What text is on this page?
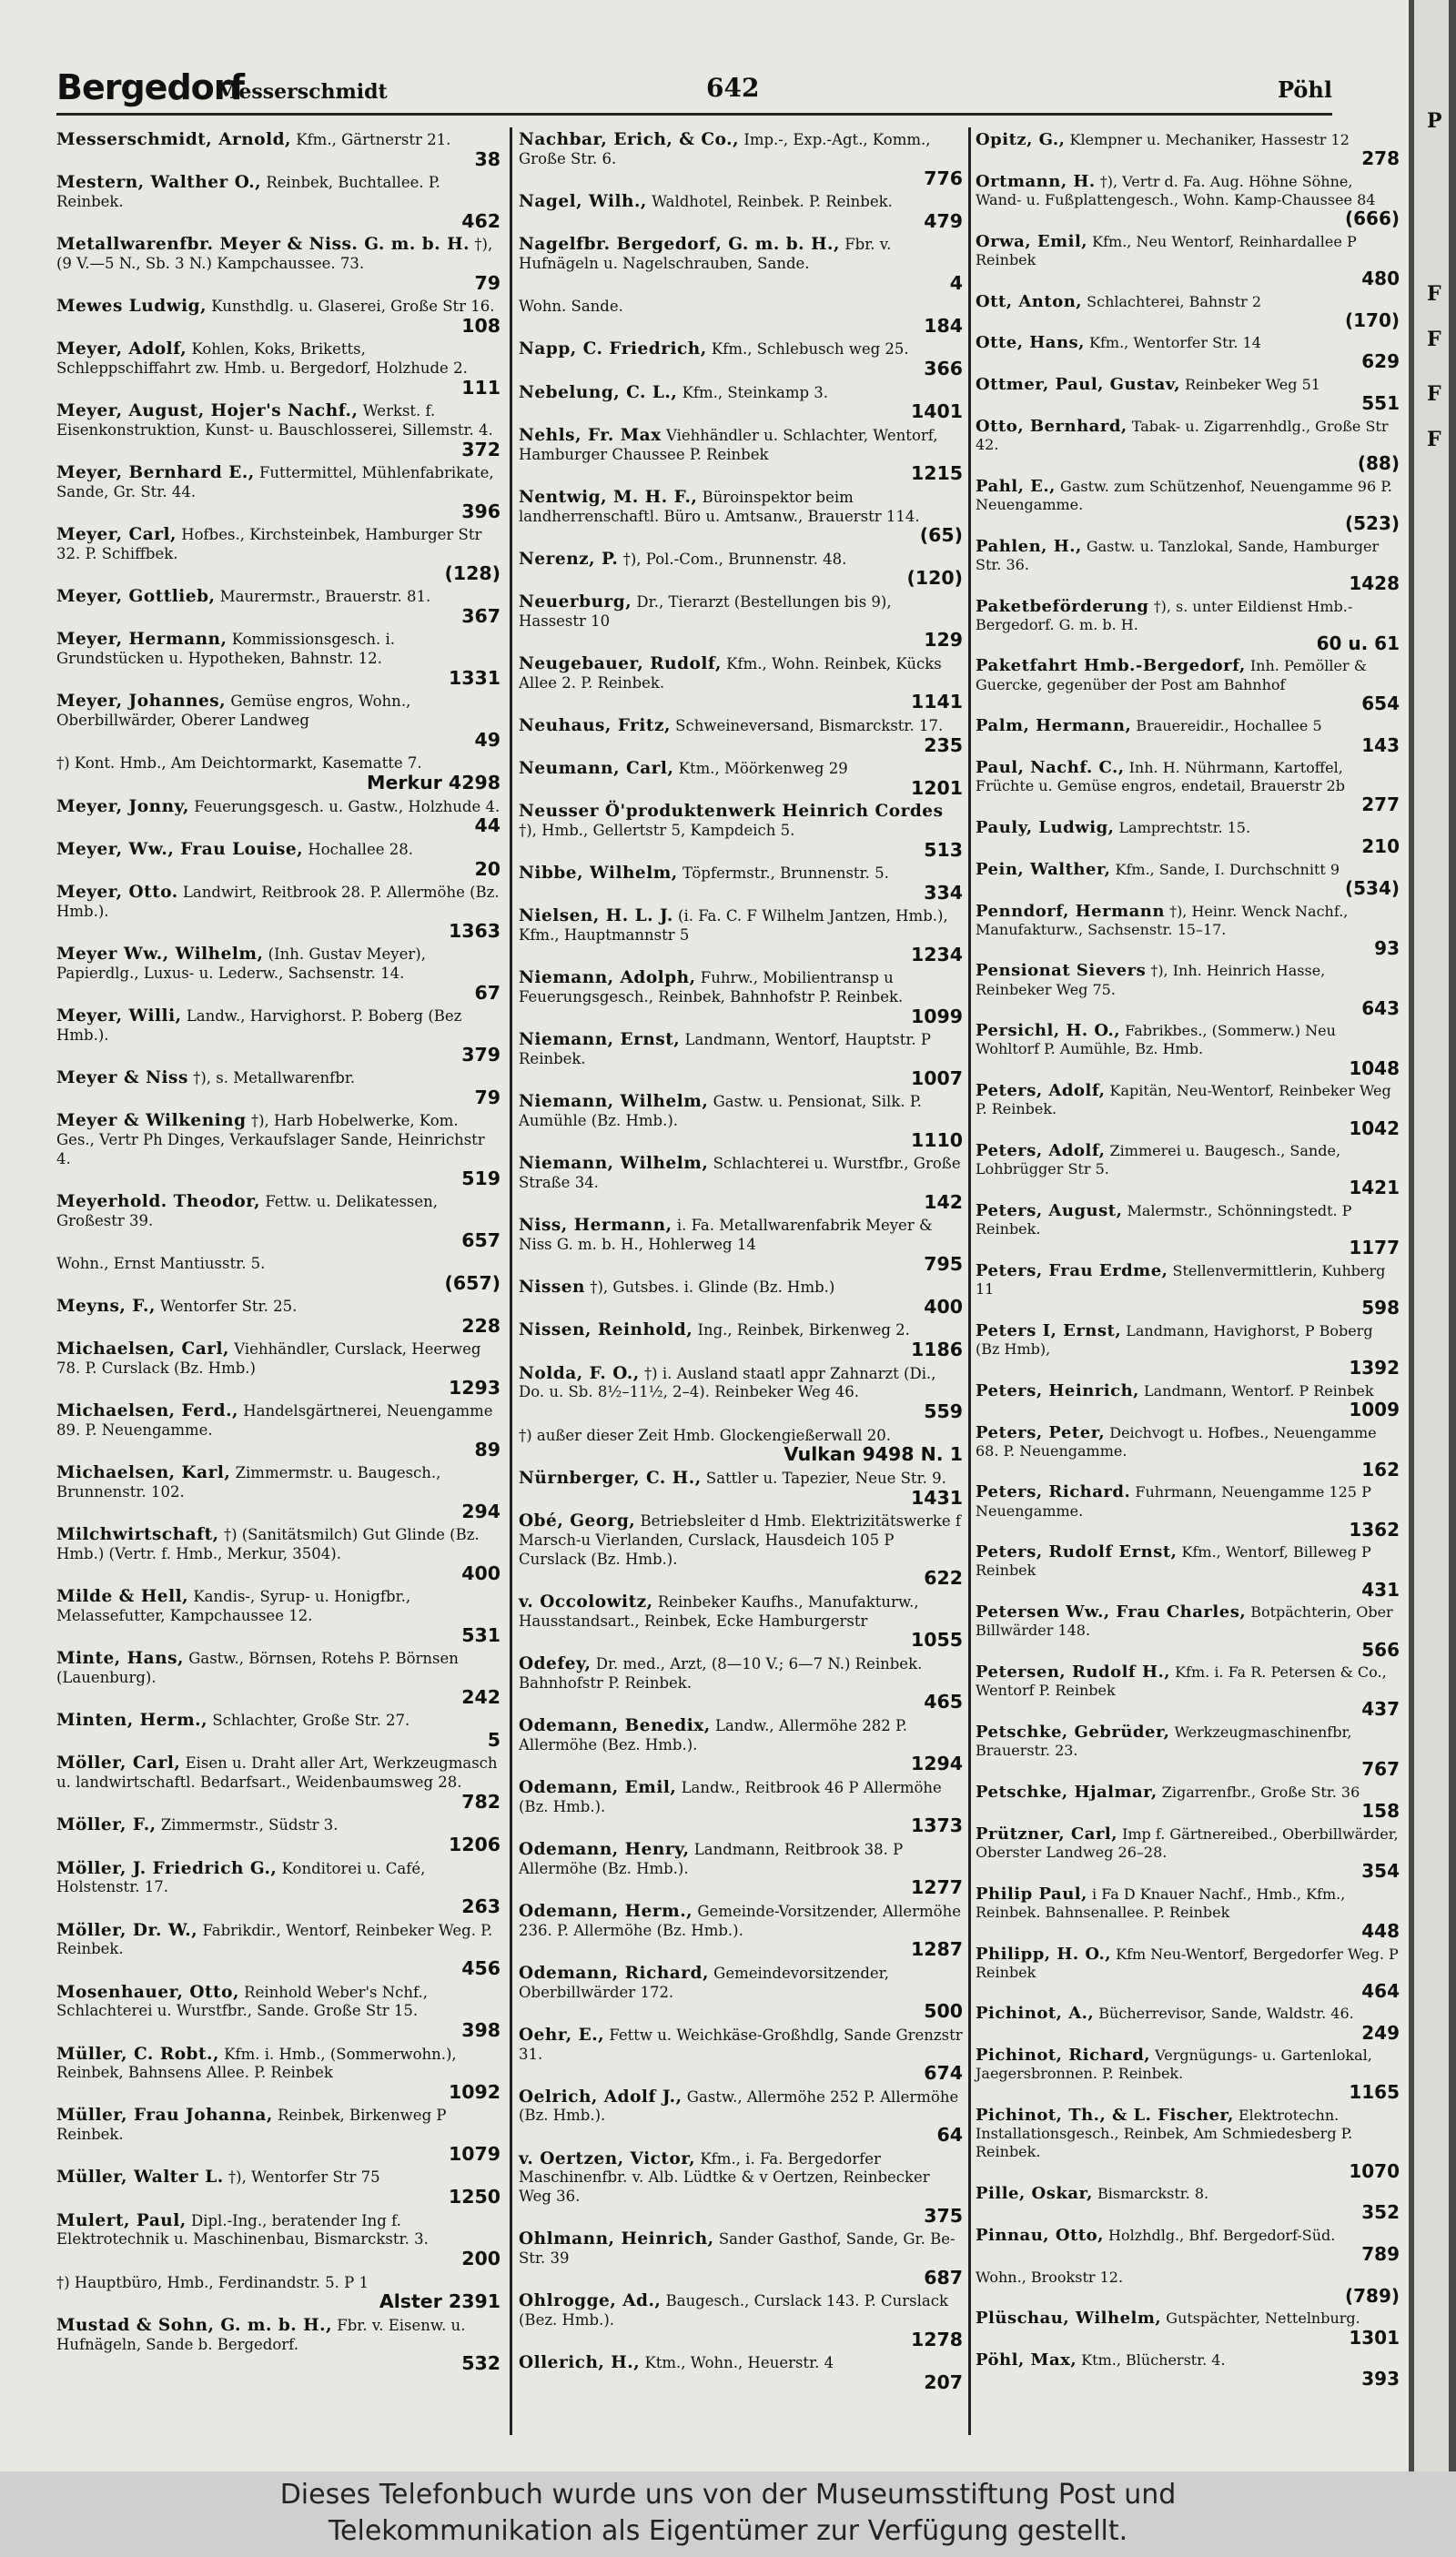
Bergedorf
Messerschmidt	642	Pöhl
Messerschmidt, Arnold, Kfm., Gärtnerstr 21.
38
Mestern, Walther O., Reinbek, Buchtallee. P. Reinbek.
462
Metallwarenfbr. Meyer & Niss. G. m. b. H. †), (9 V.—5 N., Sb. 3 N.) Kampchaussee. 73.
79
Mewes Ludwig, Kunsthdlg. u. Glaserei, Große Str 16.
108
Meyer, Adolf, Kohlen, Koks, Briketts, Schleppschiffahrt zw. Hmb. u. Bergedorf, Holzhude 2.
111
Meyer, August, Hojer's Nachf., Werkst. f. Eisenkonstruktion, Kunst- u. Bauschlosserei, Sillemstr. 4.
372
Meyer, Bernhard E., Futtermittel, Mühlenfabrikate, Sande, Gr. Str. 44.
396
Meyer, Carl, Hofbes., Kirchsteinbek, Hamburger Str 32. P. Schiffbek.
(128)
Meyer, Gottlieb, Maurermstr., Brauerstr. 81.
367
Meyer, Hermann, Kommissionsgesch. i. Grundstücken u. Hypotheken, Bahnstr. 12.
1331
Meyer, Johannes, Gemüse engros, Wohn., Oberbillwärder, Oberer Landweg
49
†) Kont. Hmb., Am Deichtormarkt, Kasematte 7.
Merkur 4298
Meyer, Jonny, Feuerungsgesch. u. Gastw., Holzhude 4.
44
Meyer, Ww., Frau Louise, Hochallee 28.
20
Meyer, Otto. Landwirt, Reitbrook 28. P. Allermöhe (Bz. Hmb.).
1363
Meyer Ww., Wilhelm, (Inh. Gustav Meyer), Papierdlg., Luxus- u. Lederw., Sachsenstr. 14.
67
Meyer, Willi, Landw., Harvighorst. P. Boberg (Bez Hmb.).
379
Meyer & Niss †), s. Metallwarenfbr.
79
Meyer & Wilkening †), Harb Hobelwerke, Kom. Ges., Vertr Ph Dinges, Verkaufslager Sande, Heinrichstr 4.
519
Meyerhold. Theodor, Fettw. u. Delikatessen, Großestr 39.
657
Wohn., Ernst Mantiusstr. 5.
(657)
Meyns, F., Wentorfer Str. 25.
228
Michaelsen, Carl, Viehhändler, Curslack, Heerweg 78. P. Curslack (Bz. Hmb.)
1293
Michaelsen, Ferd., Handelsgärtnerei, Neuengamme 89. P. Neuengamme.
89
Michaelsen, Karl, Zimmermstr. u. Baugesch., Brunnenstr. 102.
294
Milchwirtschaft, †) (Sanitätsmilch) Gut Glinde (Bz. Hmb.) (Vertr. f. Hmb., Merkur, 3504).
400
Milde & Hell, Kandis-, Syrup- u. Honigfbr., Melassefutter, Kampchaussee 12.
531
Minte, Hans, Gastw., Börnsen, Rotehs P. Börnsen (Lauenburg).
242
Minten, Herm., Schlachter, Große Str. 27.
5
Möller, Carl, Eisen u. Draht aller Art, Werkzeugmasch u. landwirtschaftl. Bedarfsart., Weidenbaumsweg 28.
782
Möller, F., Zimmermstr., Südstr 3.
1206
Möller, J. Friedrich G., Konditorei u. Café, Holstenstr. 17.
263
Möller, Dr. W., Fabrikdir., Wentorf, Reinbeker Weg. P. Reinbek.
456
Mosenhauer, Otto, Reinhold Weber's Nchf., Schlachterei u. Wurstfbr., Sande. Große Str 15.
398
Müller, C. Robt., Kfm. i. Hmb., (Sommerwohn.), Reinbek, Bahnsens Allee. P. Reinbek
1092
Müller, Frau Johanna, Reinbek, Birkenweg P Reinbek.
1079
Müller, Walter L. †), Wentorfer Str 75
1250
Mulert, Paul, Dipl.-Ing., beratender Ing f. Elektrotechnik u. Maschinenbau, Bismarckstr. 3.
200
†) Hauptbüro, Hmb., Ferdinandstr. 5. P 1
Alster 2391
Mustad & Sohn, G. m. b. H., Fbr. v. Eisenw. u. Hufnägeln, Sande b. Bergedorf.
532
Nachbar, Erich, & Co., Imp.-, Exp.-Agt., Komm., Große Str. 6.
776
Nagel, Wilh., Waldhotel, Reinbek. P. Reinbek.
479
Nagelfbr. Bergedorf, G. m. b. H., Fbr. v. Hufnägeln u. Nagelschrauben, Sande.
4
Wohn. Sande.
184
Napp, C. Friedrich, Kfm., Schlebusch weg 25.
366
Nebelung, C. L., Kfm., Steinkamp 3.
1401
Nehls, Fr. Max Viehhändler u. Schlachter, Wentorf, Hamburger Chaussee P. Reinbek
1215
Nentwig, M. H. F., Büroinspektor beim landherrenschaftl. Büro u. Amtsanw., Brauerstr 114.
(65)
Nerenz, P. †), Pol.-Com., Brunnenstr. 48.
(120)
Neuerburg, Dr., Tierarzt (Bestellungen bis 9), Hassestr 10
129
Neugebauer, Rudolf, Kfm., Wohn. Reinbek, Kücks Allee 2. P. Reinbek.
1141
Neuhaus, Fritz, Schweineversand, Bismarckstr. 17.
235
Neumann, Carl, Ktm., Möörkenweg 29
1201
Neusser Ö'produktenwerk Heinrich Cordes †), Hmb., Gellertstr 5, Kampdeich 5.
513
Nibbe, Wilhelm, Töpfermstr., Brunnenstr. 5.
334
Nielsen, H. L. J. (i. Fa. C. F Wilhelm Jantzen, Hmb.), Kfm., Hauptmannstr 5
1234
Niemann, Adolph, Fuhrw., Mobilientransp u Feuerungsgesch., Reinbek, Bahnhofstr P. Reinbek.
1099
Niemann, Ernst, Landmann, Wentorf, Hauptstr. P Reinbek.
1007
Niemann, Wilhelm, Gastw. u. Pensionat, Silk. P. Aumühle (Bz. Hmb.).
1110
Niemann, Wilhelm, Schlachterei u. Wurstfbr., Große Straße 34.
142
Niss, Hermann, i. Fa. Metallwarenfabrik Meyer & Niss G. m. b. H., Hohlerweg 14
795
Nissen †), Gutsbes. i. Glinde (Bz. Hmb.)
400
Nissen, Reinhold, Ing., Reinbek, Birkenweg 2.
1186
Nolda, F. O., †) i. Ausland staatl appr Zahnarzt (Di., Do. u. Sb. 8½–11½, 2–4). Reinbeker Weg 46.
559
†) außer dieser Zeit Hmb. Glockengießerwall 20.
Vulkan 9498 N. 1
Nürnberger, C. H., Sattler u. Tapezier, Neue Str. 9.
1431
Obé, Georg, Betriebsleiter d Hmb. Elektrizitätswerke f Marsch-u Vierlanden, Curslack, Hausdeich 105 P Curslack (Bz. Hmb.).
622
v. Occolowitz, Reinbeker Kaufhs., Manufakturw., Hausstandsart., Reinbek, Ecke Hamburgerstr
1055
Odefey, Dr. med., Arzt, (8—10 V.; 6—7 N.) Reinbek. Bahnhofstr P. Reinbek.
465
Odemann, Benedix, Landw., Allermöhe 282 P. Allermöhe (Bez. Hmb.).
1294
Odemann, Emil, Landw., Reitbrook 46 P Allermöhe (Bz. Hmb.).
1373
Odemann, Henry, Landmann, Reitbrook 38. P Allermöhe (Bz. Hmb.).
1277
Odemann, Herm., Gemeinde-Vorsitzender, Allermöhe 236. P. Allermöhe (Bz. Hmb.).
1287
Odemann, Richard, Gemeindevorsitzender, Oberbillwärder 172.
500
Oehr, E., Fettw u. Weichkäse-Großhdlg, Sande Grenzstr 31.
674
Oelrich, Adolf J., Gastw., Allermöhe 252 P. Allermöhe (Bz. Hmb.).
64
v. Oertzen, Victor, Kfm., i. Fa. Bergedorfer Maschinenfbr. v. Alb. Lüdtke & v Oertzen, Reinbecker Weg 36.
375
Ohlmann, Heinrich, Sander Gasthof, Sande, Gr. Be-Str. 39
687
Ohlrogge, Ad., Baugesch., Curslack 143. P. Curslack (Bez. Hmb.).
1278
Ollerich, H., Ktm., Wohn., Heuerstr. 4
207
Opitz, G., Klempner u. Mechaniker, Hassestr 12
278
Ortmann, H. †), Vertr d. Fa. Aug. Höhne Söhne, Wand- u. Fußplattengesch., Wohn. Kamp-Chaussee 84
(666)
Orwa, Emil, Kfm., Neu Wentorf, Reinhardallee P Reinbek
480
Ott, Anton, Schlachterei, Bahnstr 2
(170)
Otte, Hans, Kfm., Wentorfer Str. 14
629
Ottmer, Paul, Gustav, Reinbeker Weg 51
551
Otto, Bernhard, Tabak- u. Zigarrenhdlg., Große Str 42.
(88)
Pahl, E., Gastw. zum Schützenhof, Neuengamme 96 P. Neuengamme.
(523)
Pahlen, H., Gastw. u. Tanzlokal, Sande, Hamburger Str. 36.
1428
Paketbeförderung †), s. unter Eildienst Hmb.-Bergedorf. G. m. b. H.
60 u. 61
Paketfahrt Hmb.-Bergedorf, Inh. Pemöller & Guercke, gegenüber der Post am Bahnhof
654
Palm, Hermann, Brauereidir., Hochallee 5
143
Paul, Nachf. C., Inh. H. Nührmann, Kartoffel, Früchte u. Gemüse engros, endetail, Brauerstr 2b
277
Pauly, Ludwig, Lamprechtstr. 15.
210
Pein, Walther, Kfm., Sande, I. Durchschnitt 9
(534)
Penndorf, Hermann †), Heinr. Wenck Nachf., Manufakturw., Sachsenstr. 15–17.
93
Pensionat Sievers †), Inh. Heinrich Hasse, Reinbeker Weg 75.
643
Persichl, H. O., Fabrikbes., (Sommerw.) Neu Wohltorf P. Aumühle, Bz. Hmb.
1048
Peters, Adolf, Kapitän, Neu-Wentorf, Reinbeker Weg P. Reinbek.
1042
Peters, Adolf, Zimmerei u. Baugesch., Sande, Lohbrügger Str 5.
1421
Peters, August, Malermstr., Schönningstedt. P Reinbek.
1177
Peters, Frau Erdme, Stellenvermittlerin, Kuhberg 11
598
Peters I, Ernst, Landmann, Havighorst, P Boberg (Bz Hmb),
1392
Peters, Heinrich, Landmann, Wentorf. P Reinbek
1009
Peters, Peter, Deichvogt u. Hofbes., Neuengamme 68. P. Neuengamme.
162
Peters, Richard. Fuhrmann, Neuengamme 125 P Neuengamme.
1362
Peters, Rudolf Ernst, Kfm., Wentorf, Billeweg P Reinbek
431
Petersen Ww., Frau Charles, Botpächterin, Ober Billwärder 148.
566
Petersen, Rudolf H., Kfm. i. Fa R. Petersen & Co., Wentorf P. Reinbek
437
Petschke, Gebrüder, Werkzeugmaschinenfbr, Brauerstr. 23.
767
Petschke, Hjalmar, Zigarrenfbr., Große Str. 36
158
Prützner, Carl, Imp f. Gärtnereibed., Oberbillwärder, Oberster Landweg 26–28.
354
Philip Paul, i Fa D Knauer Nachf., Hmb., Kfm., Reinbek. Bahnsenallee. P. Reinbek
448
Philipp, H. O., Kfm Neu-Wentorf, Bergedorfer Weg. P Reinbek
464
Pichinot, A., Bücherrevisor, Sande, Waldstr. 46.
249
Pichinot, Richard, Vergnügungs- u. Gartenlokal, Jaegersbronnen. P. Reinbek.
1165
Pichinot, Th., & L. Fischer, Elektrotechn. Installationsgesch., Reinbek, Am Schmiedesberg P. Reinbek.
1070
Pille, Oskar, Bismarckstr. 8.
352
Pinnau, Otto, Holzhdlg., Bhf. Bergedorf-Süd.
789
Wohn., Brookstr 12.
(789)
Plüschau, Wilhelm, Gutspächter, Nettelnburg.
1301
Pöhl, Max, Ktm., Blücherstr. 4.
393
P
F
F
F
F
Dieses Telefonbuch wurde uns von der Museumsstiftung Post und
Telekommunikation als Eigentümer zur Verfügung gestellt.
